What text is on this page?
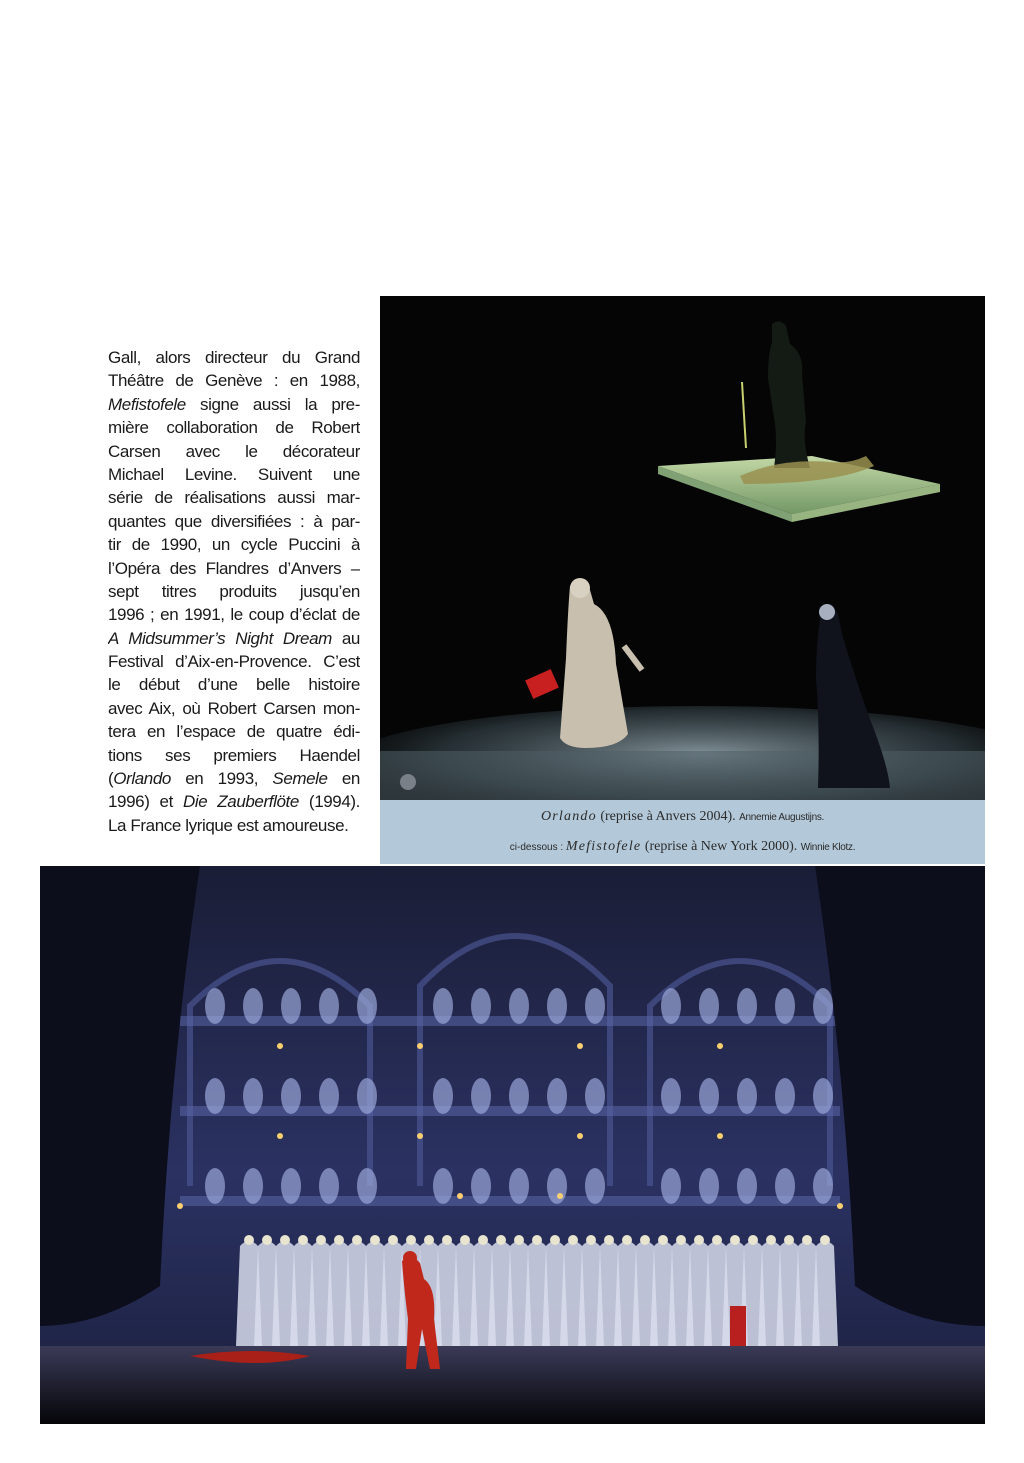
Gall, alors directeur du Grand
Théâtre de Genève : en 1988,
Mefistofele signe aussi la pre-
mière collaboration de Robert
Carsen avec le décorateur
Michael Levine. Suivent une
série de réalisations aussi mar-
quantes que diversifiées : à par-
tir de 1990, un cycle Puccini à
l’Opéra des Flandres d’Anvers –
sept titres produits jusqu’en
1996 ; en 1991, le coup d’éclat de
A Midsummer’s Night Dream au
Festival d’Aix-en-Provence. C’est
le début d’une belle histoire
avec Aix, où Robert Carsen mon-
tera en l’espace de quatre édi-
tions ses premiers Haendel
(Orlando en 1993, Semele en
1996) et Die Zauberflöte (1994).
La France lyrique est amoureuse.	Orlando (reprise à Anvers 2004). Annemie Augustijns.
ci-dessous : Mefistofele (reprise à New York 2000). Winnie Klotz.
